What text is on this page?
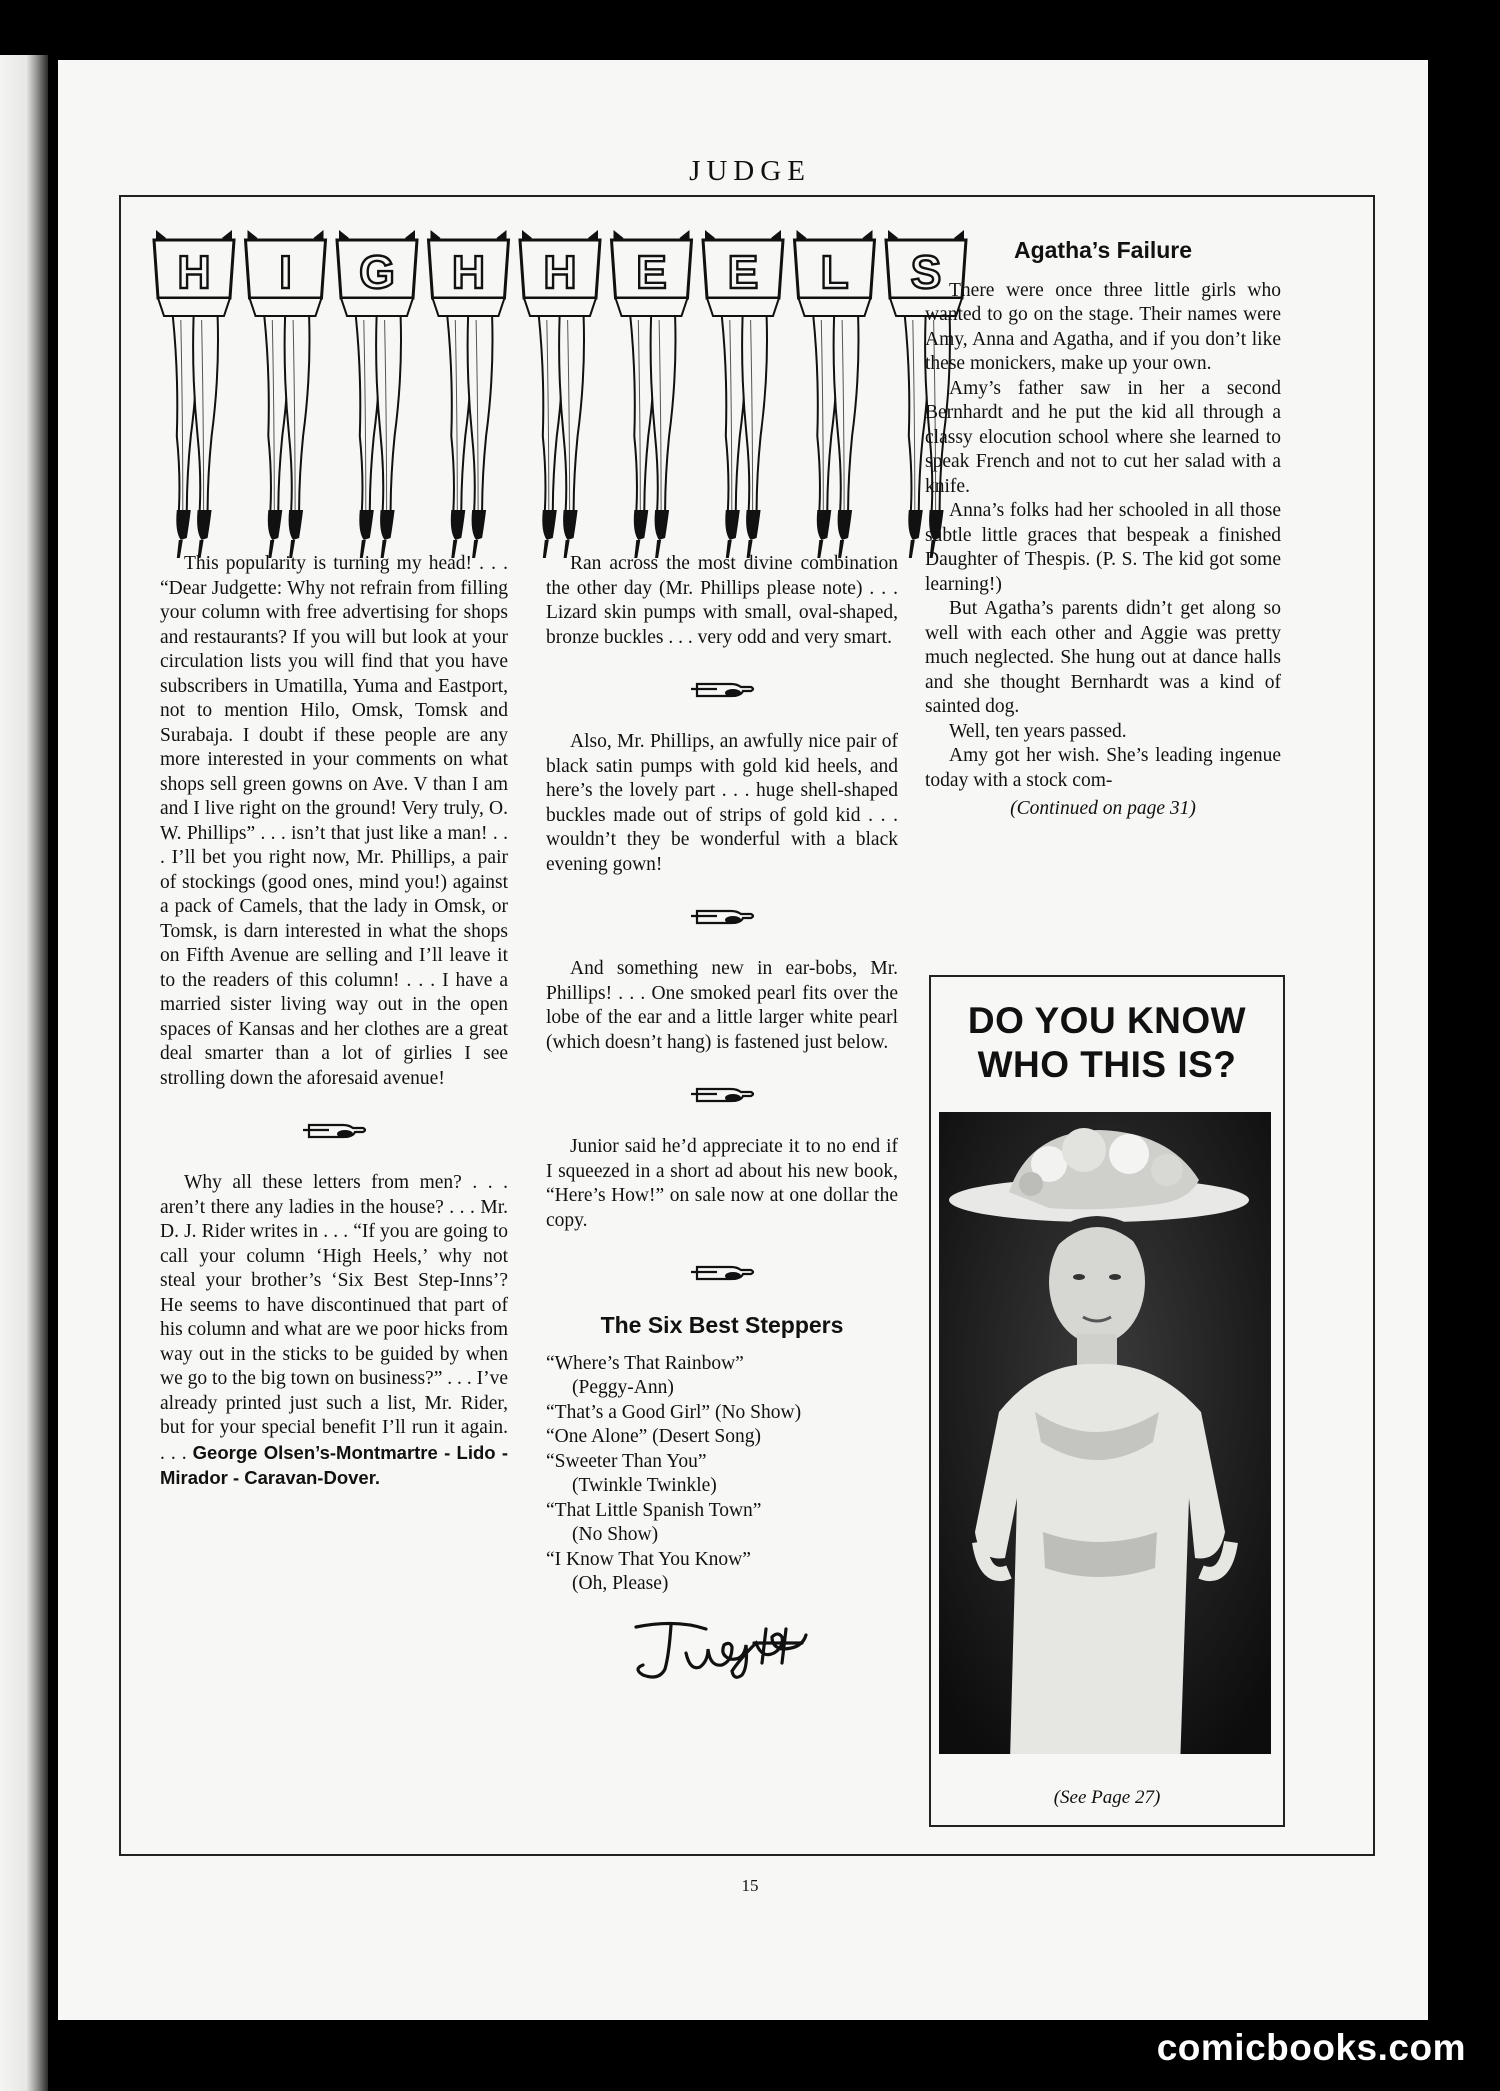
JUDGE
H I G H H E E L S

This popularity is turning my head! . . . “Dear Judgette: Why not refrain from filling your column with free advertising for shops and restaurants? If you will but look at your circulation lists you will find that you have subscribers in Umatilla, Yuma and Eastport, not to mention Hilo, Omsk, Tomsk and Surabaja. I doubt if these people are any more interested in your comments on what shops sell green gowns on Ave. V than I am and I live right on the ground! Very truly, O. W. Phillips” . . . isn’t that just like a man! . . . I’ll bet you right now, Mr. Phillips, a pair of stockings (good ones, mind you!) against a pack of Camels, that the lady in Omsk, or Tomsk, is darn interested in what the shops on Fifth Avenue are selling and I’ll leave it to the readers of this column! . . . I have a married sister living way out in the open spaces of Kansas and her clothes are a great deal smarter than a lot of girlies I see strolling down the aforesaid avenue!

Why all these letters from men? . . . aren’t there any ladies in the house? . . . Mr. D. J. Rider writes in . . . “If you are going to call your column ‘High Heels,’ why not steal your brother’s ‘Six Best Step-Inns’? He seems to have discontinued that part of his column and what are we poor hicks from way out in the sticks to be guided by when we go to the big town on business?” . . . I’ve already printed just such a list, Mr. Rider, but for your special benefit I’ll run it again. . . . George Olsen’s-Montmartre - Lido - Mirador - Caravan-Dover.

Ran across the most divine combination the other day (Mr. Phillips please note) . . . Lizard skin pumps with small, oval-shaped, bronze buckles . . . very odd and very smart.

Also, Mr. Phillips, an awfully nice pair of black satin pumps with gold kid heels, and here’s the lovely part . . . huge shell-shaped buckles made out of strips of gold kid . . . wouldn’t they be wonderful with a black evening gown!

And something new in ear-bobs, Mr. Phillips! . . . One smoked pearl fits over the lobe of the ear and a little larger white pearl (which doesn’t hang) is fastened just below.

Junior said he’d appreciate it to no end if I squeezed in a short ad about his new book, “Here’s How!” on sale now at one dollar the copy.

The Six Best Steppers

“Where’s That Rainbow”

(Peggy-Ann)

“That’s a Good Girl” (No Show)

“One Alone” (Desert Song)

“Sweeter Than You”

(Twinkle Twinkle)

“That Little Spanish Town”

(No Show)

“I Know That You Know”

(Oh, Please)

Agatha’s Failure

There were once three little girls who wanted to go on the stage. Their names were Amy, Anna and Agatha, and if you don’t like these monickers, make up your own.

Amy’s father saw in her a second Bernhardt and he put the kid all through a classy elocution school where she learned to speak French and not to cut her salad with a knife.

Anna’s folks had her schooled in all those subtle little graces that bespeak a finished Daughter of Thespis. (P. S. The kid got some learning!)

But Agatha’s parents didn’t get along so well with each other and Aggie was pretty much neglected. She hung out at dance halls and she thought Bernhardt was a kind of sainted dog.

Well, ten years passed.

Amy got her wish. She’s leading ingenue today with a stock com-

(Continued on page 31)

DO YOU KNOW
WHO THIS IS?
(See Page 27)
15
comicbooks.com
